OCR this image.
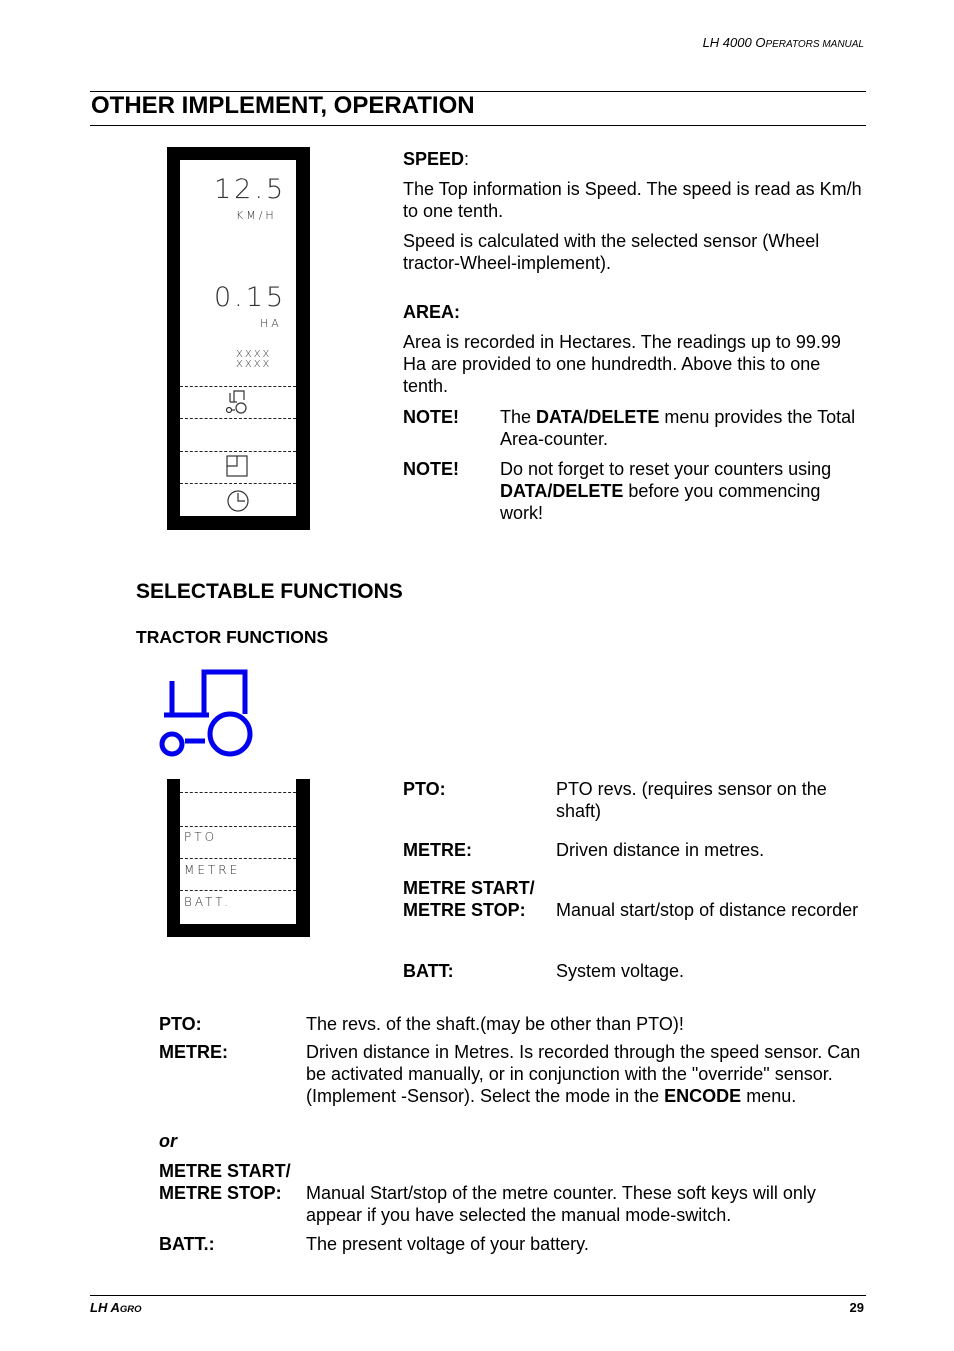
LH 4000 OPERATORS MANUAL
OTHER IMPLEMENT, OPERATION
12.5
KM/H
0.15
HA
XXXX
XXXX
SPEED:
The Top information is Speed. The speed is read as Km/h to one tenth.
Speed is calculated with the selected sensor (Wheel tractor-Wheel-implement).
AREA:
Area is recorded in Hectares. The readings up to 99.99 Ha are provided to one hundredth. Above this to one tenth.
NOTE! The DATA/DELETE menu provides the Total Area-counter.
NOTE! Do not forget to reset your counters using DATA/DELETE before you commencing work!
SELECTABLE FUNCTIONS
TRACTOR FUNCTIONS
PTO
METRE
BATT.
PTO:	PTO revs. (requires sensor on the shaft)
METRE:	Driven distance in metres.
METRE START/
METRE STOP: Manual start/stop of distance recorder
BATT:	System voltage.
PTO:	The revs. of the shaft.(may be other than PTO)!
METRE:	Driven distance in Metres. Is recorded through the speed sensor. Can be activated manually, or in conjunction with the "override" sensor. (Implement -Sensor). Select the mode in the ENCODE menu.
or
METRE START/
METRE STOP: Manual Start/stop of the metre counter. These soft keys will only appear if you have selected the manual mode-switch.
BATT.:	The present voltage of your battery.
LH AGRO	29
